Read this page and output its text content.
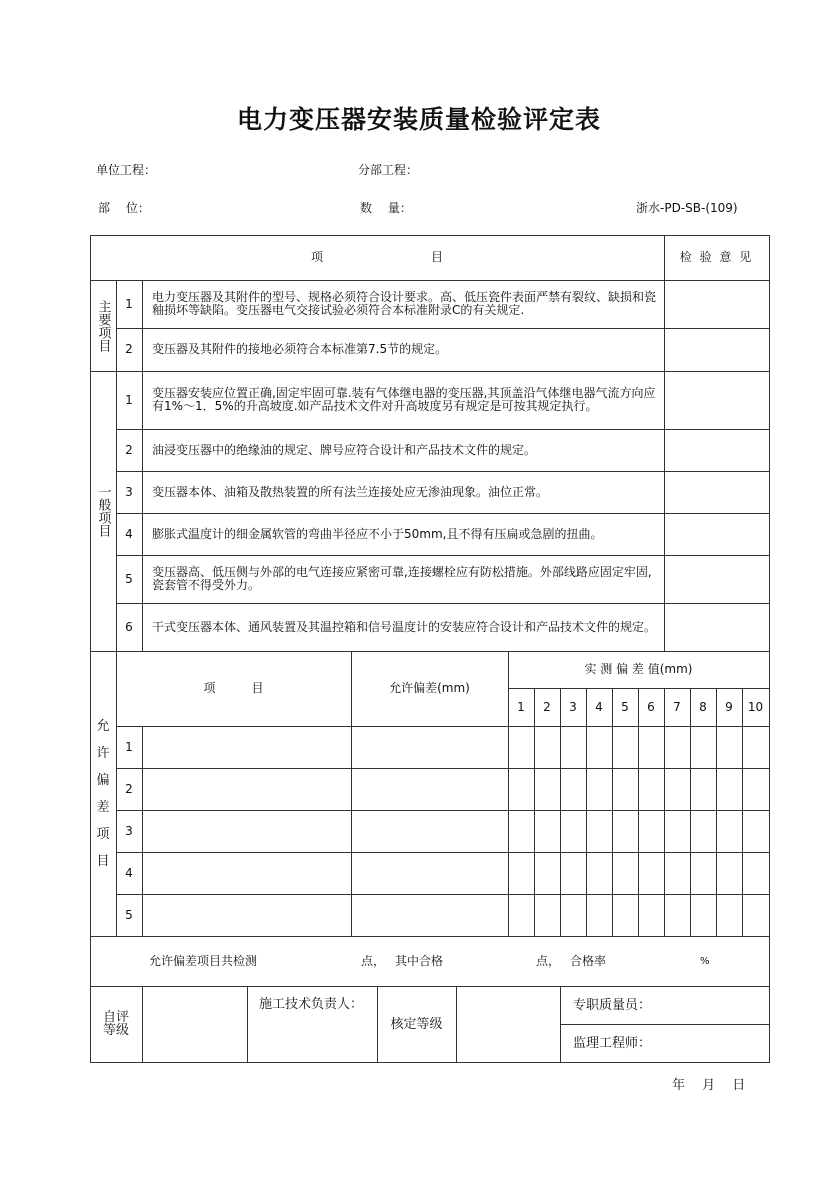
电力变压器安装质量检验评定表
单位工程：	分部工程：
部　 位：	数　 量：	浙水-PD-SB-(109)
项　　　　　　　　　目	检 验 意 见
主要项目	1	电力变压器及其附件的型号、规格必须符合设计要求。高、低压瓷件表面严禁有裂纹、缺损和瓷釉损坏等缺陷。变压器电气交接试验必须符合本标准附录C的有关规定.
2	变压器及其附件的接地必须符合本标准第7.5节的规定。
一般项目
1	变压器安装应位置正确,固定牢固可靠.装有气体继电器的变压器,其顶盖沿气体继电器气流方向应有1%～1．5%的升高坡度.如产品技术文件对升高坡度另有规定是可按其规定执行。
2	油浸变压器中的绝缘油的规定、牌号应符合设计和产品技术文件的规定。
3	变压器本体、油箱及散热装置的所有法兰连接处应无渗油现象。油位正常。
4	膨胀式温度计的细金属软管的弯曲半径应不小于50mm,且不得有压扁或急剧的扭曲。
5	变压器高、低压侧与外部的电气连接应紧密可靠,连接螺栓应有防松措施。外部线路应固定牢固,瓷套管不得受外力。
6	干式变压器本体、通风装置及其温控箱和信号温度计的安装应符合设计和产品技术文件的规定。
允
许
偏
差
项
目
项　　　目	允许偏差(mm)
实 测 偏 差 值(mm)
1	2	3	4	5	6	7	8	9	10
1
2
3
4
5
允许偏差项目共检测	点， 其中合格	点， 合格率	%
自评等级
施工技术负责人：
核定等级
专职质量员：
监理工程师：
年　 月　 日
